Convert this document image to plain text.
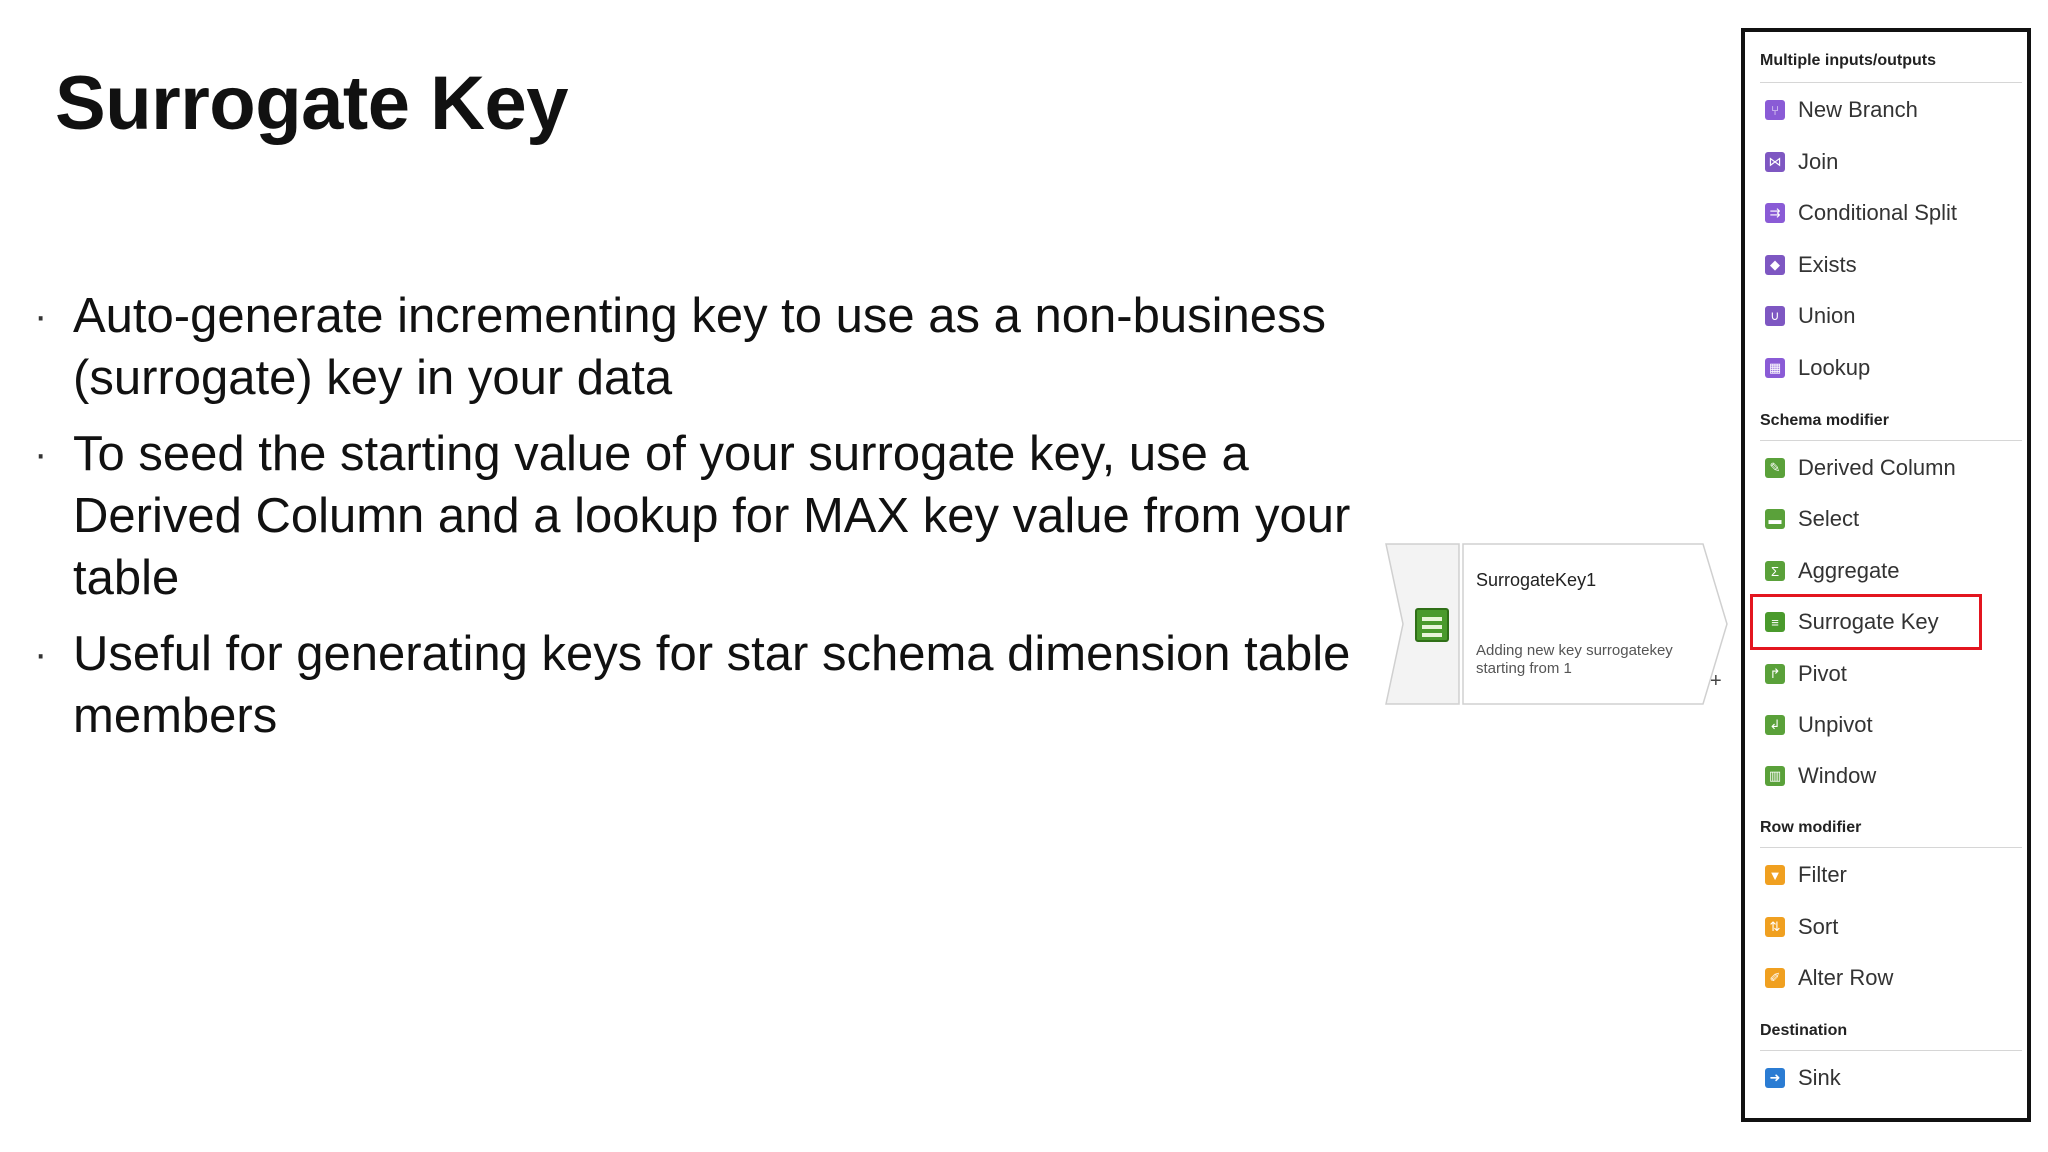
Surrogate Key
· Auto-generate incrementing key to use as a non-business (surrogate) key in your data
· To seed the starting value of your surrogate key, use a Derived Column and a lookup for MAX key value from your table
· Useful for generating keys for star schema dimension table members
SurrogateKey1
Adding new key surrogatekey starting from 1
+
Multiple inputs/outputs
⑂ New Branch
⋈ Join
⇉ Conditional Split
◆ Exists
∪ Union
▦ Lookup
Schema modifier
✎ Derived Column
▬ Select
Σ Aggregate
≡ Surrogate Key
↱ Pivot
↲ Unpivot
▥ Window
Row modifier
▼ Filter
⇅ Sort
✐ Alter Row
Destination
➜ Sink
